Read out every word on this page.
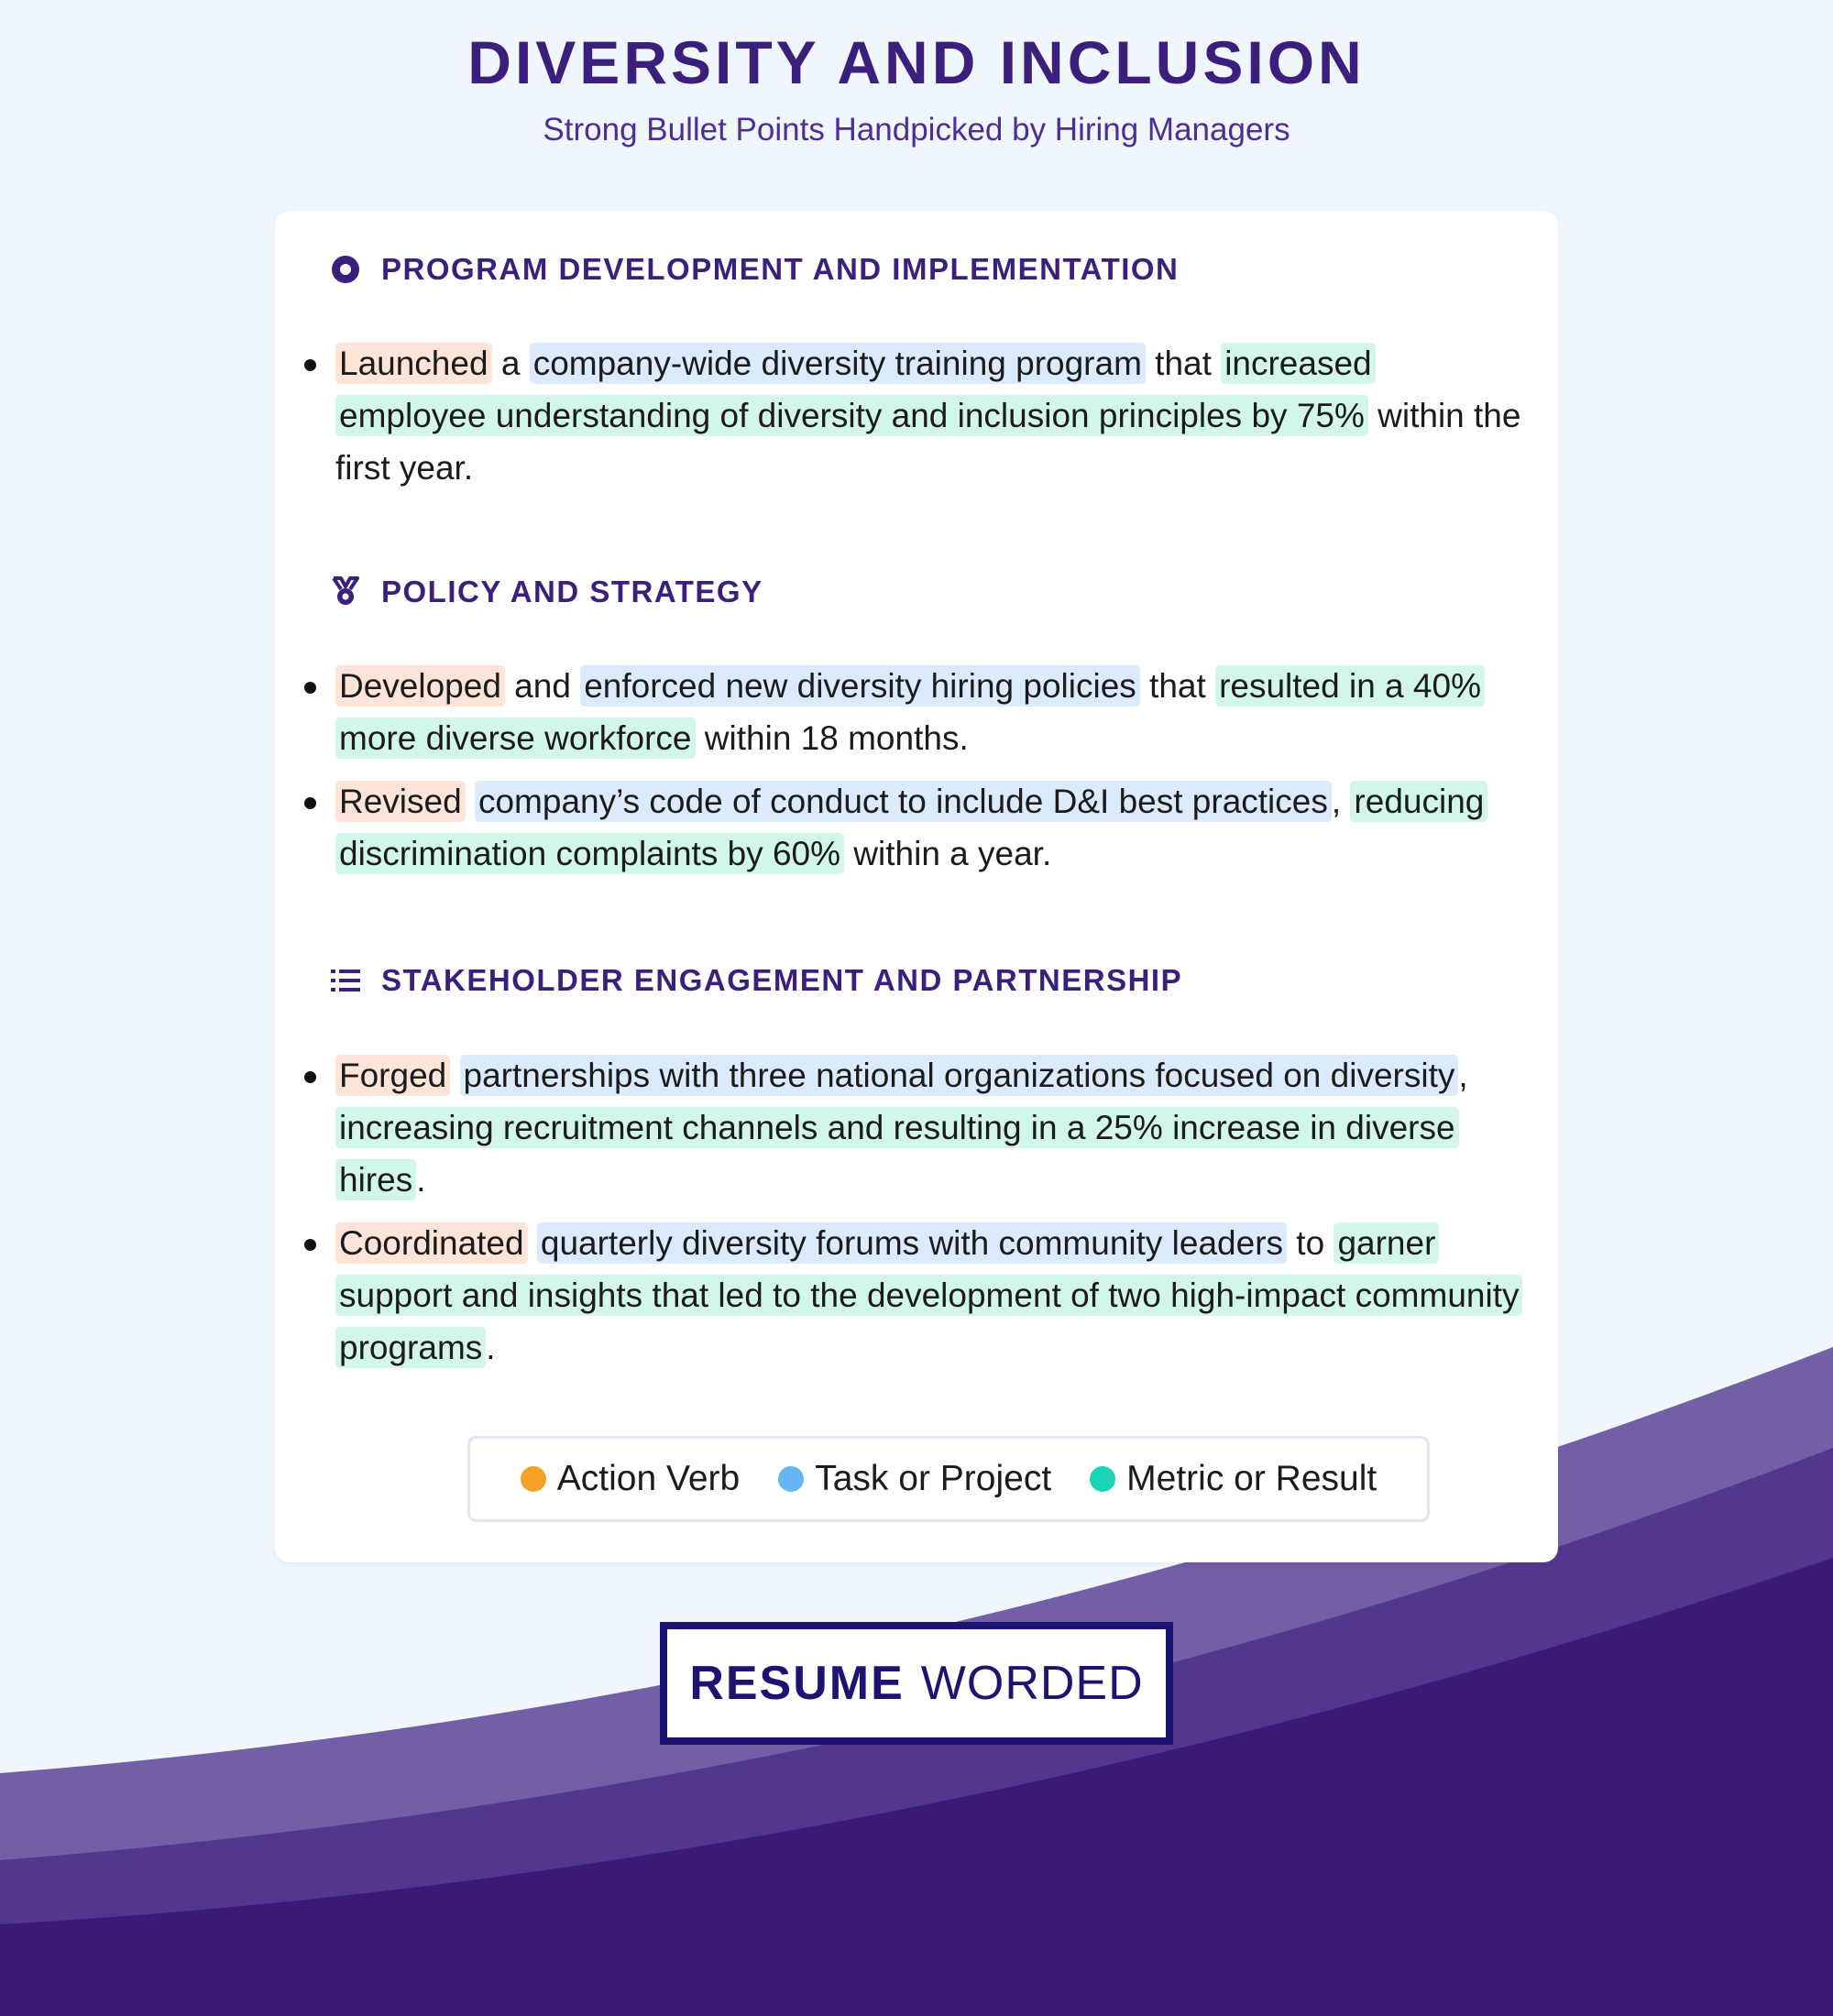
DIVERSITY AND INCLUSION

Strong Bullet Points Handpicked by Hiring Managers

PROGRAM DEVELOPMENT AND IMPLEMENTATION
Launched a company-wide diversity training program that increased employee understanding of diversity and inclusion principles by 75% within the first year.
POLICY AND STRATEGY
Developed and enforced new diversity hiring policies that resulted in a 40% more diverse workforce within 18 months.
Revised company’s code of conduct to include D&I best practices , reducing discrimination complaints by 60% within a year.
STAKEHOLDER ENGAGEMENT AND PARTNERSHIP
Forged partnerships with three national organizations focused on diversity , increasing recruitment channels and resulting in a 25% increase in diverse hires .
Coordinated quarterly diversity forums with community leaders to garner support and insights that led to the development of two high-impact community programs .
Action Verb Task or Project Metric or Result
RESUME WORDED
